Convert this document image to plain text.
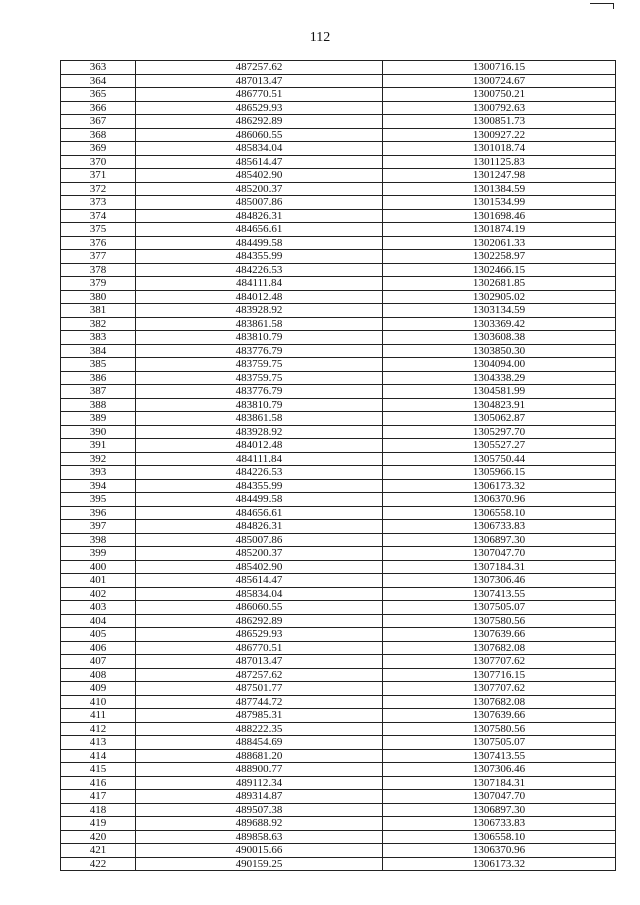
112
363	487257.62	1300716.15
364	487013.47	1300724.67
365	486770.51	1300750.21
366	486529.93	1300792.63
367	486292.89	1300851.73
368	486060.55	1300927.22
369	485834.04	1301018.74
370	485614.47	1301125.83
371	485402.90	1301247.98
372	485200.37	1301384.59
373	485007.86	1301534.99
374	484826.31	1301698.46
375	484656.61	1301874.19
376	484499.58	1302061.33
377	484355.99	1302258.97
378	484226.53	1302466.15
379	484111.84	1302681.85
380	484012.48	1302905.02
381	483928.92	1303134.59
382	483861.58	1303369.42
383	483810.79	1303608.38
384	483776.79	1303850.30
385	483759.75	1304094.00
386	483759.75	1304338.29
387	483776.79	1304581.99
388	483810.79	1304823.91
389	483861.58	1305062.87
390	483928.92	1305297.70
391	484012.48	1305527.27
392	484111.84	1305750.44
393	484226.53	1305966.15
394	484355.99	1306173.32
395	484499.58	1306370.96
396	484656.61	1306558.10
397	484826.31	1306733.83
398	485007.86	1306897.30
399	485200.37	1307047.70
400	485402.90	1307184.31
401	485614.47	1307306.46
402	485834.04	1307413.55
403	486060.55	1307505.07
404	486292.89	1307580.56
405	486529.93	1307639.66
406	486770.51	1307682.08
407	487013.47	1307707.62
408	487257.62	1307716.15
409	487501.77	1307707.62
410	487744.72	1307682.08
411	487985.31	1307639.66
412	488222.35	1307580.56
413	488454.69	1307505.07
414	488681.20	1307413.55
415	488900.77	1307306.46
416	489112.34	1307184.31
417	489314.87	1307047.70
418	489507.38	1306897.30
419	489688.92	1306733.83
420	489858.63	1306558.10
421	490015.66	1306370.96
422	490159.25	1306173.32
